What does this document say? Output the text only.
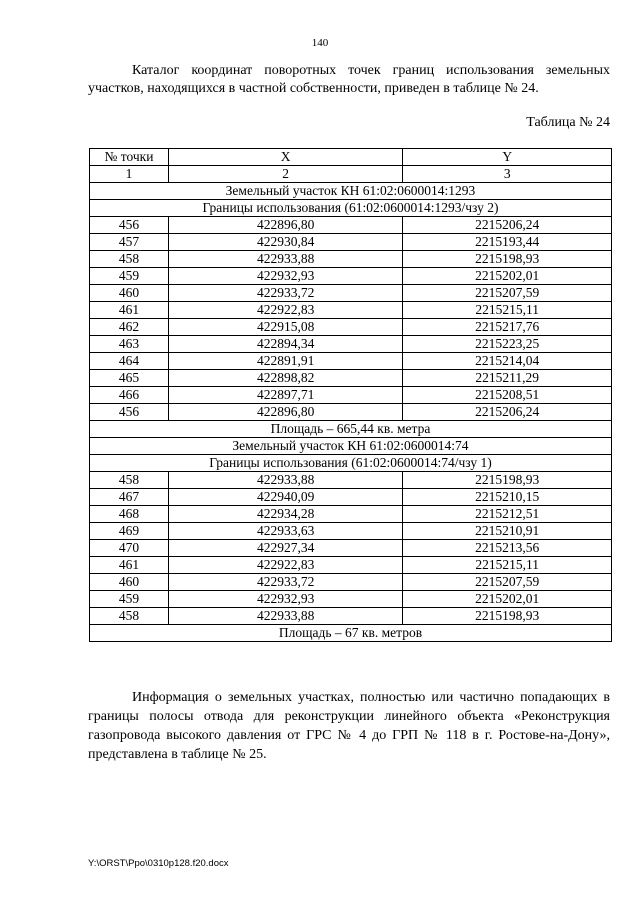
140

Каталог координат поворотных точек границ использования земельных участков, находящихся в частной собственности, приведен в таблице № 24.

Таблица № 24
№ точки	X	Y
1	2	3
Земельный участок КН 61:02:0600014:1293		
Границы использования (61:02:0600014:1293/чзу 2)		
456	422896,80	2215206,24
457	422930,84	2215193,44
458	422933,88	2215198,93
459	422932,93	2215202,01
460	422933,72	2215207,59
461	422922,83	2215215,11
462	422915,08	2215217,76
463	422894,34	2215223,25
464	422891,91	2215214,04
465	422898,82	2215211,29
466	422897,71	2215208,51
456	422896,80	2215206,24
Площадь – 665,44 кв. метра		
Земельный участок КН 61:02:0600014:74		
Границы использования (61:02:0600014:74/чзу 1)		
458	422933,88	2215198,93
467	422940,09	2215210,15
468	422934,28	2215212,51
469	422933,63	2215210,91
470	422927,34	2215213,56
461	422922,83	2215215,11
460	422933,72	2215207,59
459	422932,93	2215202,01
458	422933,88	2215198,93
Площадь – 67 кв. метров		

Информация о земельных участках, полностью или частично попадающих в границы полосы отвода для реконструкции линейного объекта «Реконструкция газопровода высокого давления от ГРС № 4 до ГРП № 118 в г. Ростове-на-Дону», представлена в таблице № 25.

Y:\ORST\Ppo\0310p128.f20.docx
